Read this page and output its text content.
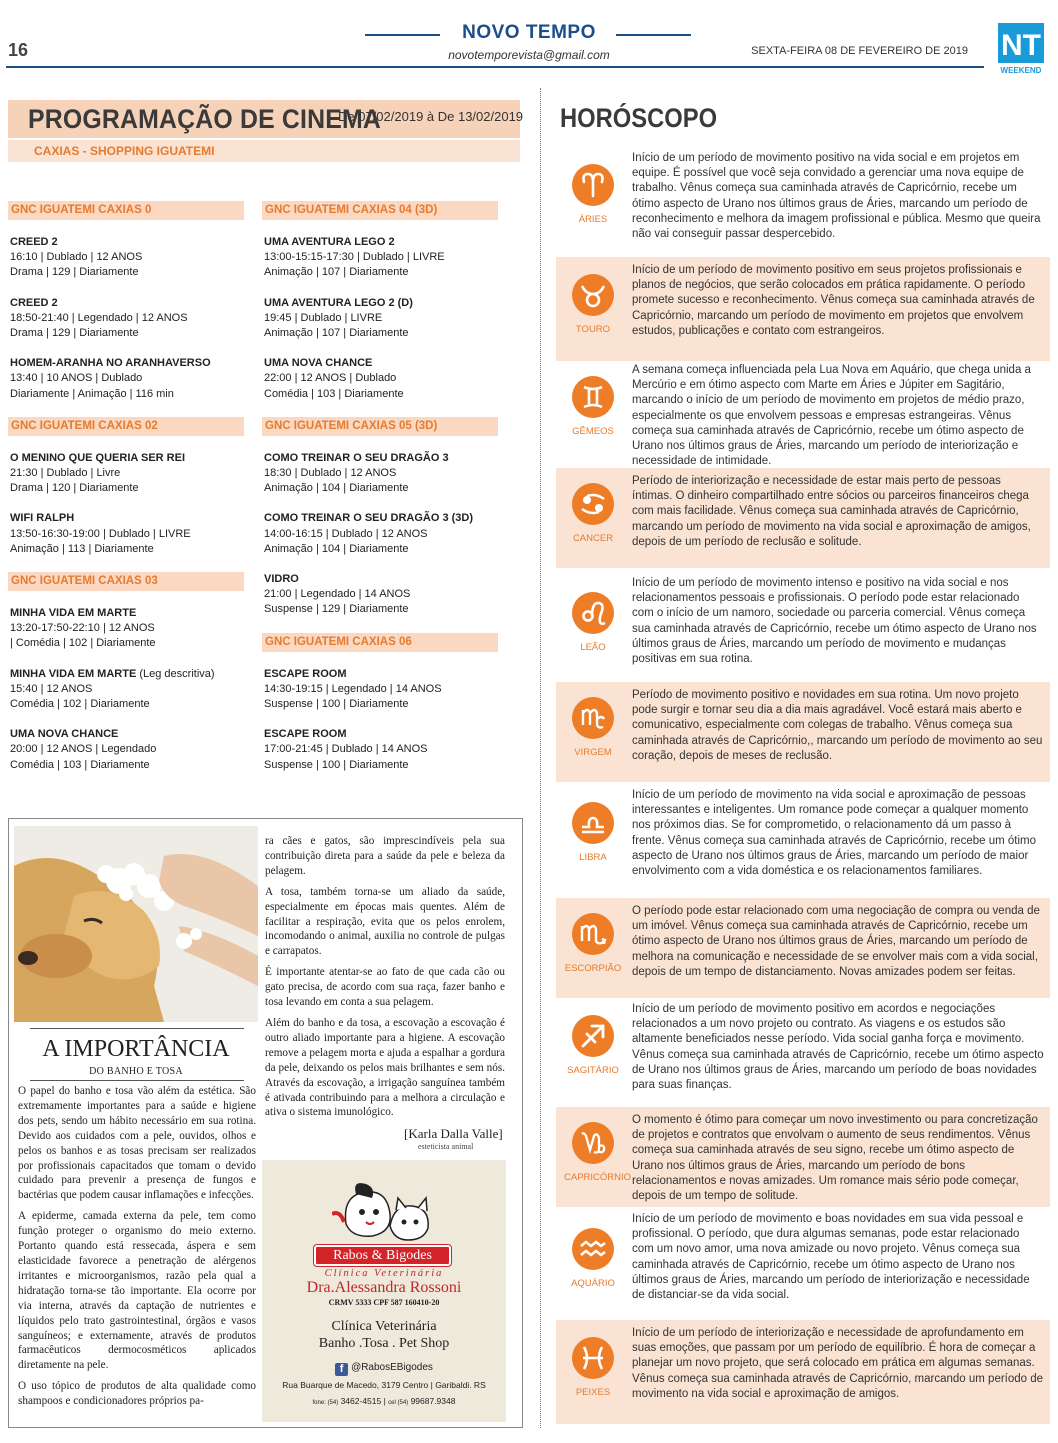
16
NOVO TEMPO
novotemporevista@gmail.com	SEXTA-FEIRA 08 DE FEVEREIRO DE 2019 NT
WEEKEND
PROGRAMAÇÃO DE CINEMA
De 07/02/2019 à De 13/02/2019
CAXIAS - SHOPPING IGUATEMI
GNC IGUATEMI CAXIAS 0
CREED 2
16:10 | Dublado | 12 ANOS
Drama | 129 | Diariamente
CREED 2
18:50-21:40 | Legendado | 12 ANOS
Drama | 129 | Diariamente
HOMEM-ARANHA NO ARANHAVERSO
13:40 | 10 ANOS | Dublado
Diariamente | Animação | 116 min
GNC IGUATEMI CAXIAS 02
O MENINO QUE QUERIA SER REI
21:30 | Dublado | Livre
Drama | 120 | Diariamente
WIFI RALPH
13:50-16:30-19:00 | Dublado | LIVRE
Animação | 113 | Diariamente
GNC IGUATEMI CAXIAS 03
MINHA VIDA EM MARTE
13:20-17:50-22:10 | 12 ANOS
| Comédia | 102 | Diariamente
MINHA VIDA EM MARTE (Leg descritiva)
15:40 | 12 ANOS
Comédia | 102 | Diariamente
UMA NOVA CHANCE
20:00 | 12 ANOS | Legendado
Comédia | 103 | Diariamente
GNC IGUATEMI CAXIAS 04 (3D)
UMA AVENTURA LEGO 2
13:00-15:15-17:30 | Dublado | LIVRE
Animação | 107 | Diariamente
UMA AVENTURA LEGO 2 (D)
19:45 | Dublado | LIVRE
Animação | 107 | Diariamente
UMA NOVA CHANCE
22:00 | 12 ANOS | Dublado
Comédia | 103 | Diariamente
GNC IGUATEMI CAXIAS 05 (3D)
COMO TREINAR O SEU DRAGÃO 3
18:30 | Dublado | 12 ANOS
Animação | 104 | Diariamente
COMO TREINAR O SEU DRAGÃO 3 (3D)
14:00-16:15 | Dublado | 12 ANOS
Animação | 104 | Diariamente
VIDRO
21:00 | Legendado | 14 ANOS
Suspense | 129 | Diariamente
GNC IGUATEMI CAXIAS 06
ESCAPE ROOM
14:30-19:15 | Legendado | 14 ANOS
Suspense | 100 | Diariamente
ESCAPE ROOM
17:00-21:45 | Dublado | 14 ANOS
Suspense | 100 | Diariamente
A IMPORTÂNCIA
DO BANHO E TOSA

O papel do banho e tosa vão além da estética. São extremamente importantes para a saúde e higiene dos pets, sendo um hábito necessário em sua rotina. Devido aos cuidados com a pele, ouvidos, olhos e pelos os banhos e as tosas precisam ser realizados por profissionais capacitados que tomam o devido cuidado para prevenir a presença de fungos e bactérias que podem causar inflamações e infecções.

A epiderme, camada externa da pele, tem como função proteger o organismo do meio externo. Portanto quando está ressecada, áspera e sem elasticidade favorece a penetração de alérgenos irritantes e microorganismos, razão pela qual a hidratação torna-se tão importante. Ela ocorre por via interna, através da captação de nutrientes e líquidos pelo trato gastrointestinal, órgãos e vasos sanguíneos; e externamente, através de produtos farmacêuticos dermocosméticos aplicados diretamente na pele.

O uso tópico de produtos de alta qualidade como shampoos e condicionadores próprios pa-

ra cães e gatos, são imprescindíveis pela sua contribuição direta para a saúde da pele e beleza da pelagem.

A tosa, também torna-se um aliado da saúde, especialmente em épocas mais quentes. Além de facilitar a respiração, evita que os pelos enrolem, incomodando o animal, auxilia no controle de pulgas e carrapatos.

É importante atentar-se ao fato de que cada cão ou gato precisa, de acordo com sua raça, fazer banho e tosa levando em conta a sua pelagem.

Além do banho e da tosa, a escovação a escovação é outro aliado importante para a higiene. A escovação remove a pelagem morta e ajuda a espalhar a gordura da pele, deixando os pelos mais brilhantes e sem nós. Através da escovação, a irrigação sanguínea também é ativada contribuindo para a melhora a circulação e ativa o sistema imunológico.

[Karla Dalla Valle]
esteticista animal
Rabos & Bigodes
Clínica Veterinária
Dra.Alessandra Rossoni
CRMV 5333 CPF 587 160410-20
Clínica Veterinária
Banho .Tosa . Pet Shop
f @RabosEBigodes
Rua Buarque de Macedo, 3179 Centro | Garibaldi. RS
fone: (54) 3462-4515 | cel (54) 99687.9348
HORÓSCOPO
ÁRIES
Início de um período de movimento positivo na vida social e em projetos em equipe. É possível que você seja convidado a gerenciar uma nova equipe de trabalho. Vênus começa sua caminhada através de Capricórnio, recebe um ótimo aspecto de Urano nos últimos graus de Áries, marcando um período de reconhecimento e melhora da imagem profissional e pública. Mesmo que queira não vai conseguir passar despercebido.
TOURO
Início de um período de movimento positivo em seus projetos profissionais e planos de negócios, que serão colocados em prática rapidamente. O período promete sucesso e reconhecimento. Vênus começa sua caminhada através de Capricórnio, marcando um período de movimento em projetos que envolvem estudos, publicações e contato com estrangeiros.
GÊMEOS
A semana começa influenciada pela Lua Nova em Aquário, que chega unida a Mercúrio e em ótimo aspecto com Marte em Áries e Júpiter em Sagitário, marcando o início de um período de movimento em projetos de médio prazo, especialmente os que envolvem pessoas e empresas estrangeiras. Vênus começa sua caminhada através de Capricórnio, recebe um ótimo aspecto de Urano nos últimos graus de Áries, marcando um período de interiorização e necessidade de intimidade.
CANCER
Período de interiorização e necessidade de estar mais perto de pessoas íntimas. O dinheiro compartilhado entre sócios ou parceiros financeiros chega com mais facilidade. Vênus começa sua caminhada através de Capricórnio, marcando um período de movimento na vida social e aproximação de amigos, depois de um período de reclusão e solitude.
LEÃO
Início de um período de movimento intenso e positivo na vida social e nos relacionamentos pessoais e profissionais. O período pode estar relacionado com o início de um namoro, sociedade ou parceria comercial. Vênus começa sua caminhada através de Capricórnio, recebe um ótimo aspecto de Urano nos últimos graus de Áries, marcando um período de movimento e mudanças positivas em sua rotina.
VIRGEM
Período de movimento positivo e novidades em sua rotina. Um novo projeto pode surgir e tornar seu dia a dia mais agradável. Você estará mais aberto e comunicativo, especialmente com colegas de trabalho. Vênus começa sua caminhada através de Capricórnio,, marcando um período de movimento ao seu coração, depois de meses de reclusão.
LIBRA
Início de um período de movimento na vida social e aproximação de pessoas interessantes e inteligentes. Um romance pode começar a qualquer momento nos próximos dias. Se for comprometido, o relacionamento dá um passo à frente. Vênus começa sua caminhada através de Capricórnio, recebe um ótimo aspecto de Urano nos últimos graus de Áries, marcando um período de maior envolvimento com a vida doméstica e os relacionamentos familiares.
ESCORPIÃO
O período pode estar relacionado com uma negociação de compra ou venda de um imóvel. Vênus começa sua caminhada através de Capricórnio, recebe um ótimo aspecto de Urano nos últimos graus de Áries, marcando um período de melhora na comunicação e necessidade de se envolver mais com a vida social, depois de um tempo de distanciamento. Novas amizades podem ser feitas.
SAGITÁRIO
Início de um período de movimento positivo em acordos e negociações relacionados a um novo projeto ou contrato. As viagens e os estudos são altamente beneficiados nesse período. Vida social ganha força e movimento. Vênus começa sua caminhada através de Capricórnio, recebe um ótimo aspecto de Urano nos últimos graus de Áries, marcando um período de boas novidades para suas finanças.
CAPRICÓRNIO
O momento é ótimo para começar um novo investimento ou para concretização de projetos e contratos que envolvam o aumento de seus rendimentos. Vênus começa sua caminhada através de seu signo, recebe um ótimo aspecto de Urano nos últimos graus de Áries, marcando um período de bons relacionamentos e novas amizades. Um romance mais sério pode começar, depois de um tempo de solitude.
AQUÁRIO
Início de um período de movimento e boas novidades em sua vida pessoal e profissional. O período, que dura algumas semanas, pode estar relacionado com um novo amor, uma nova amizade ou novo projeto. Vênus começa sua caminhada através de Capricórnio, recebe um ótimo aspecto de Urano nos últimos graus de Áries, marcando um período de interiorização e necessidade de distanciar-se da vida social.
PEIXES
Início de um período de interiorização e necessidade de aprofundamento em suas emoções, que passam por um período de equilíbrio. É hora de começar a planejar um novo projeto, que será colocado em prática em algumas semanas. Vênus começa sua caminhada através de Capricórnio, marcando um período de movimento na vida social e aproximação de amigos.
